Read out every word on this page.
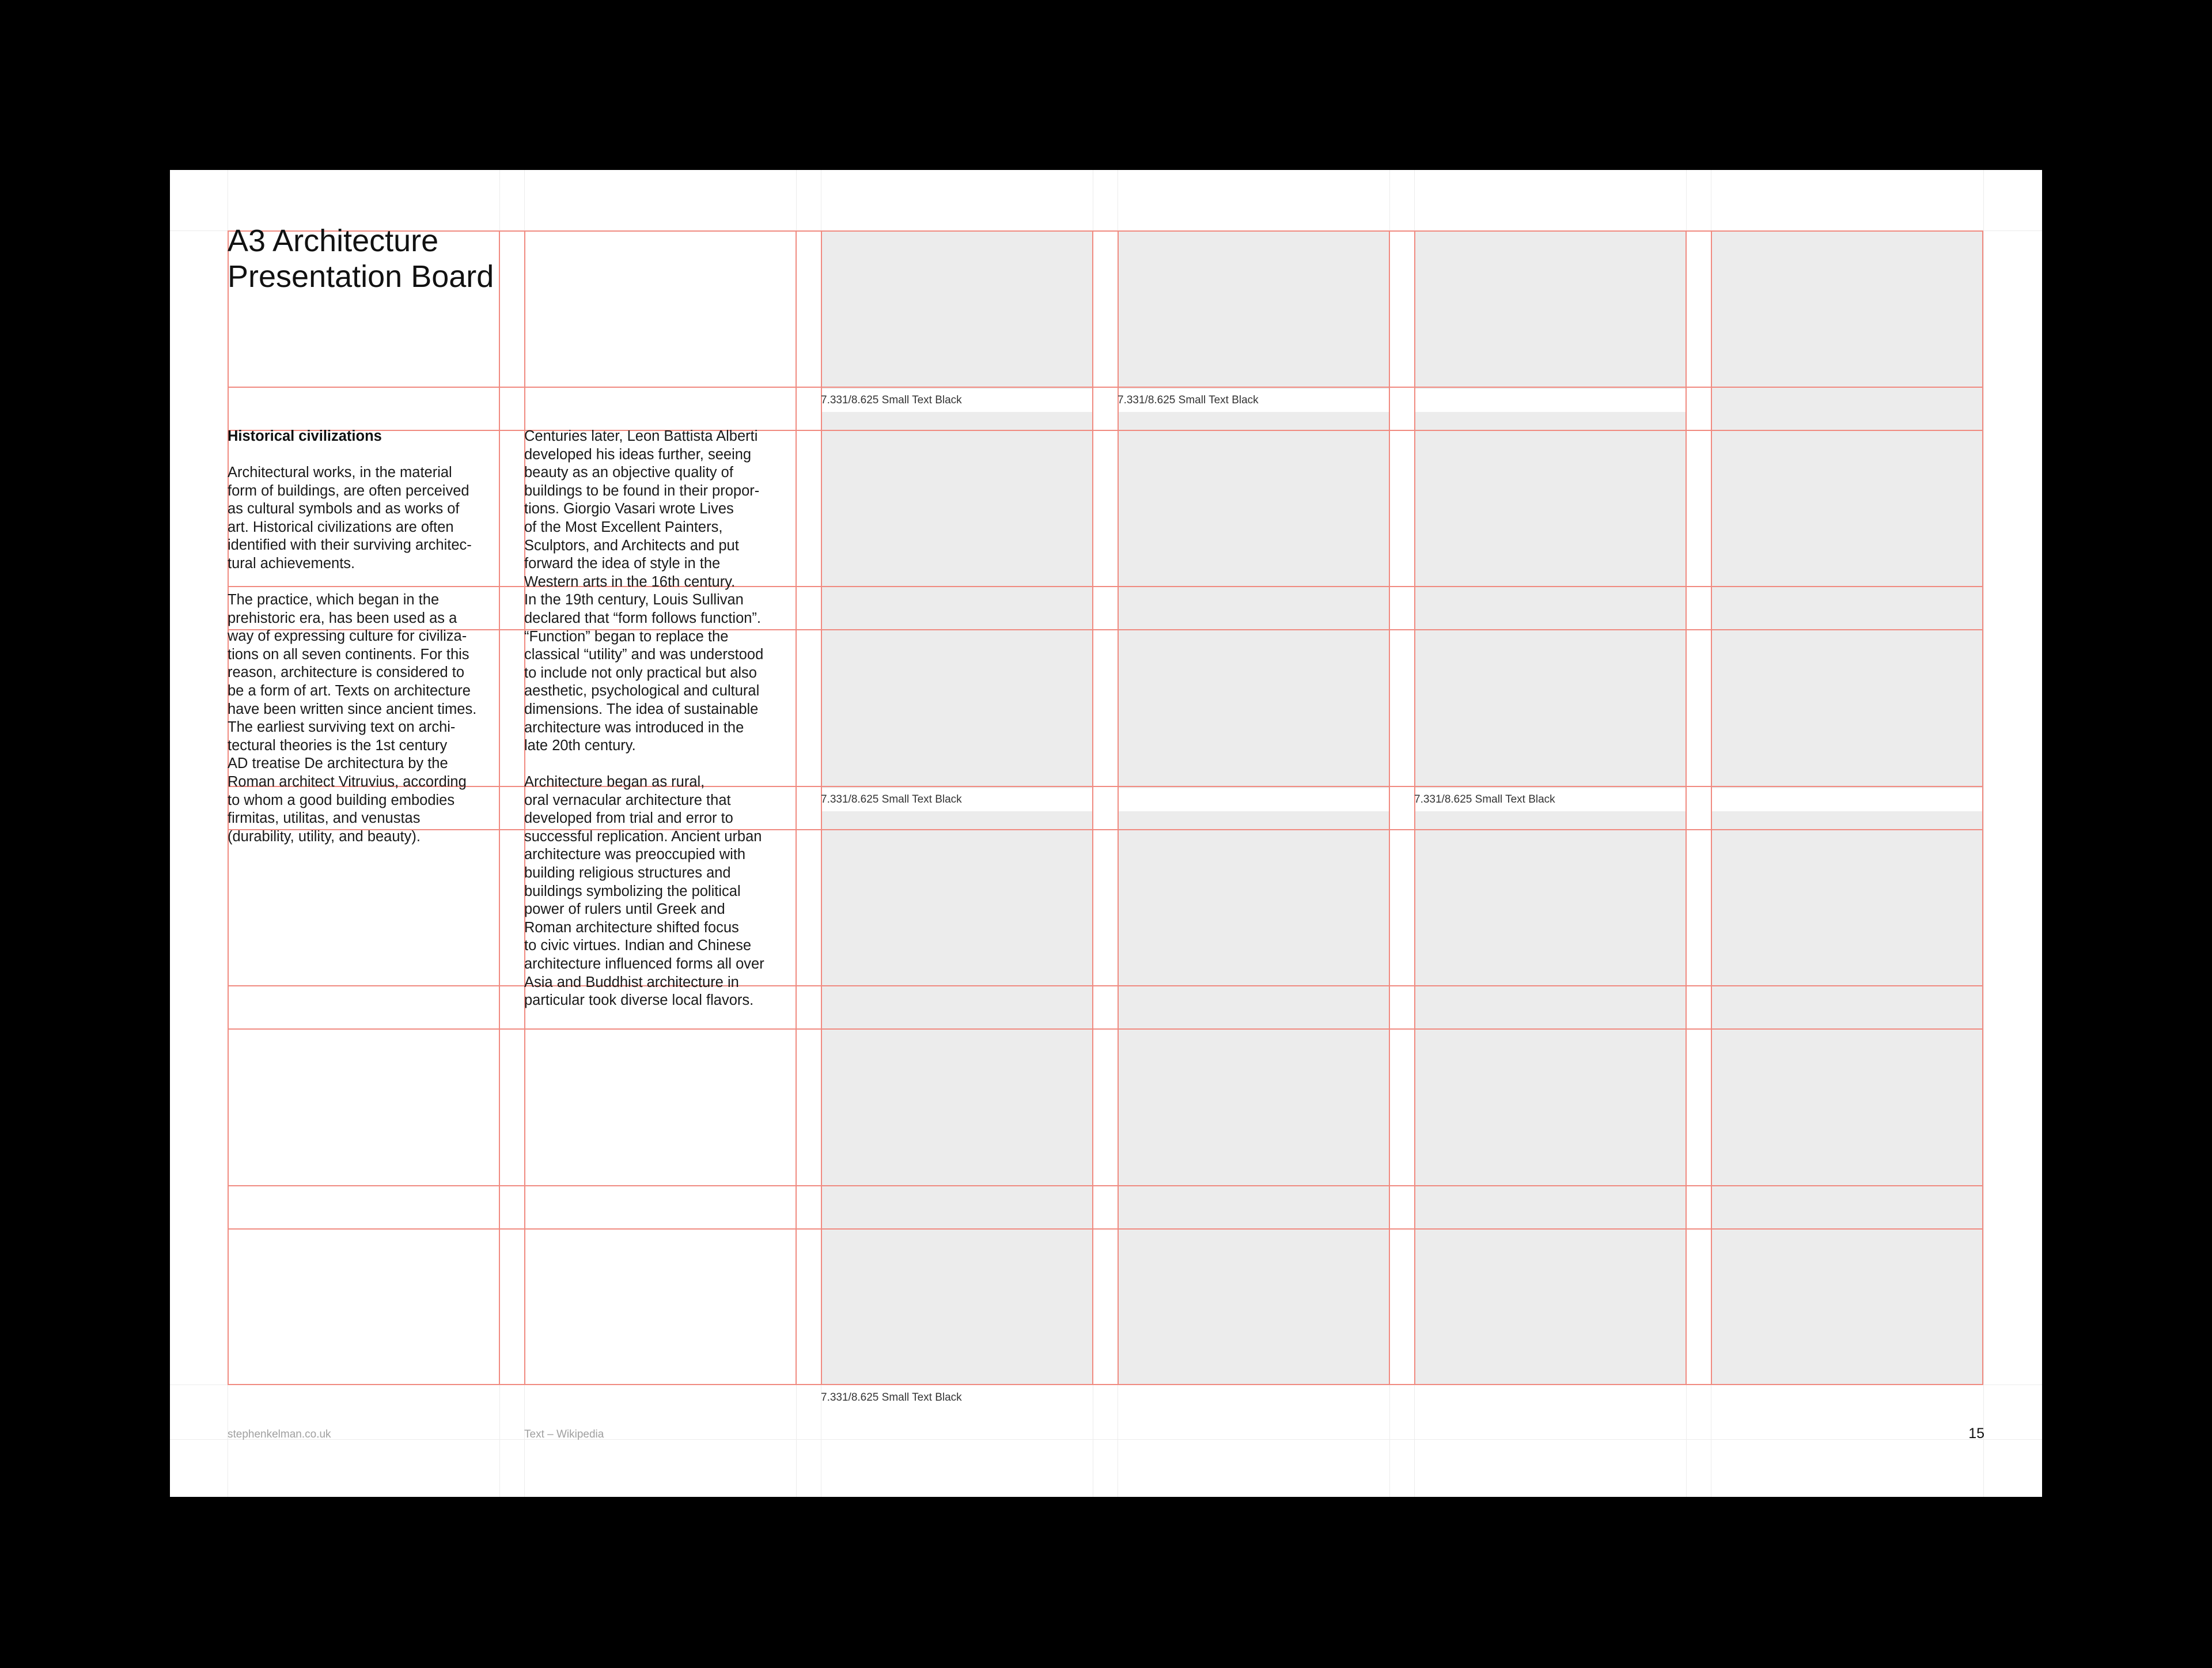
A3 Architecture Presentation Board
Historical civilizations

Architectural works, in the material
form of buildings, are often perceived
as cultural symbols and as works of
art. Historical civilizations are often
identified with their surviving architec-
tural achievements.

The practice, which began in the
prehistoric era, has been used as a
way of expressing culture for civiliza-
tions on all seven continents. For this
reason, architecture is considered to
be a form of art. Texts on architecture
have been written since ancient times.
The earliest surviving text on archi-
tectural theories is the 1st century
AD treatise De architectura by the
Roman architect Vitruvius, according
to whom a good building embodies
firmitas, utilitas, and venustas
(durability, utility, and beauty).

Centuries later, Leon Battista Alberti
developed his ideas further, seeing
beauty as an objective quality of
buildings to be found in their propor-
tions. Giorgio Vasari wrote Lives
of the Most Excellent Painters,
Sculptors, and Architects and put
forward the idea of style in the
Western arts in the 16th century.
In the 19th century, Louis Sullivan
declared that “form follows function”.
“Function” began to replace the
classical “utility” and was understood
to include not only practical but also
aesthetic, psychological and cultural
dimensions. The idea of sustainable
architecture was introduced in the
late 20th century.

Architecture began as rural,
oral vernacular architecture that
developed from trial and error to
successful replication. Ancient urban
architecture was preoccupied with
building religious structures and
buildings symbolizing the political
power of rulers until Greek and
Roman architecture shifted focus
to civic virtues. Indian and Chinese
architecture influenced forms all over
Asia and Buddhist architecture in
particular took diverse local flavors.

7.331/8.625 Small Text Black	7.331/8.625 Small Text Black
7.331/8.625 Small Text Black	7.331/8.625 Small Text Black
7.331/8.625 Small Text Black
stephenkelman.co.uk	Text – Wikipedia	15
